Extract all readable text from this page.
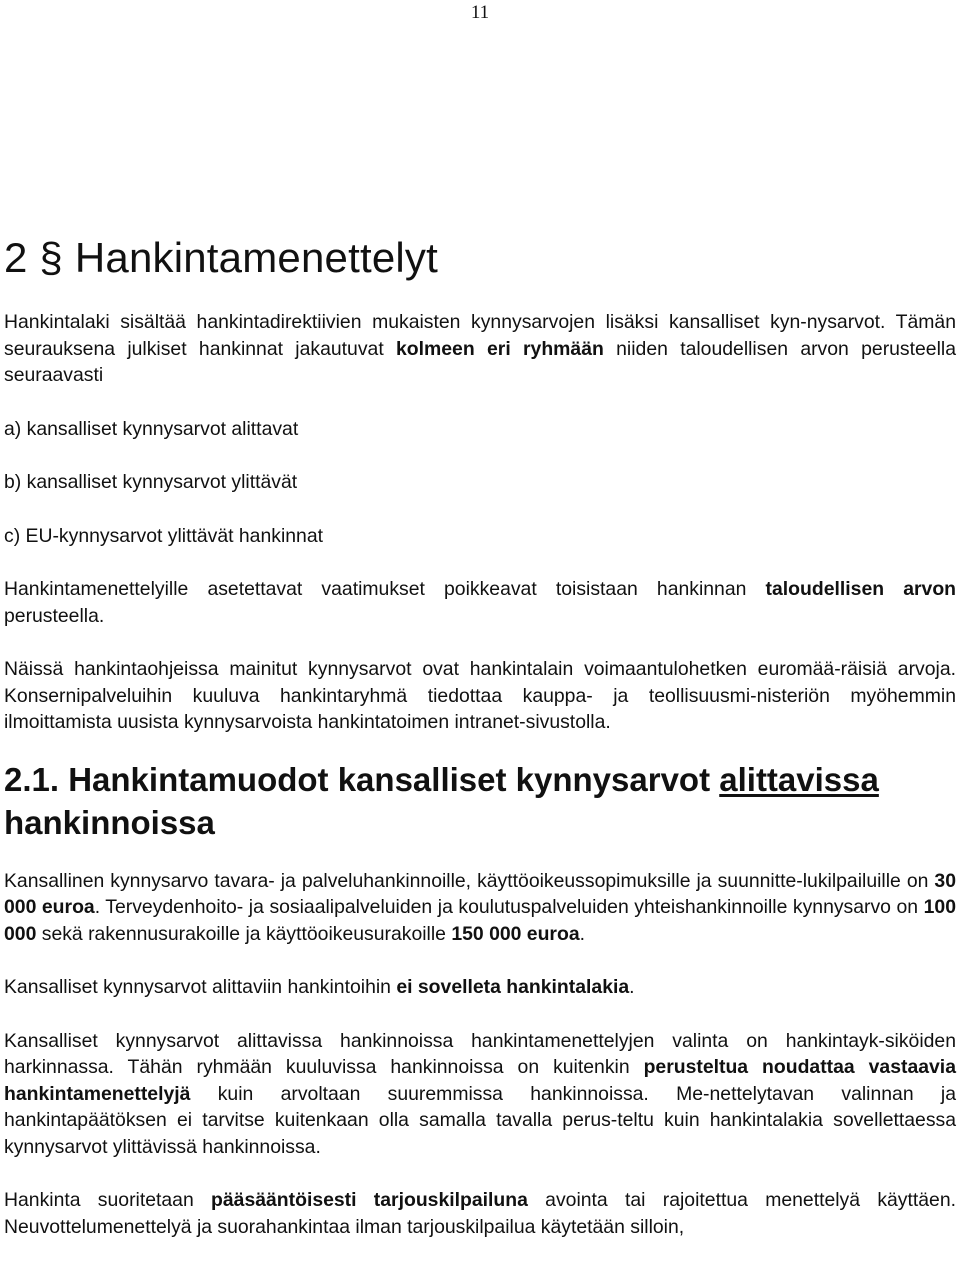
11
2 § Hankintamenettelyt

Hankintalaki sisältää hankintadirektiivien mukaisten kynnysarvojen lisäksi kansalliset kyn-nysarvot. Tämän seurauksena julkiset hankinnat jakautuvat kolmeen eri ryhmään niiden taloudellisen arvon perusteella seuraavasti

a) kansalliset kynnysarvot alittavat

b) kansalliset kynnysarvot ylittävät

c) EU-kynnysarvot ylittävät hankinnat

Hankintamenettelyille asetettavat vaatimukset poikkeavat toisistaan hankinnan taloudellisen arvon perusteella.

Näissä hankintaohjeissa mainitut kynnysarvot ovat hankintalain voimaantulohetken euromää-räisiä arvoja. Konsernipalveluihin kuuluva hankintaryhmä tiedottaa kauppa- ja teollisuusmi-nisteriön myöhemmin ilmoittamista uusista kynnysarvoista hankintatoimen intranet-sivustolla.

2.1. Hankintamuodot kansalliset kynnysarvot alittavissa hankinnoissa

Kansallinen kynnysarvo tavara- ja palveluhankinnoille, käyttöoikeussopimuksille ja suunnitte-lukilpailuille on 30 000 euroa. Terveydenhoito- ja sosiaalipalveluiden ja koulutuspalveluiden yhteishankinnoille kynnysarvo on 100 000 sekä rakennusurakoille ja käyttöoikeusurakoille 150 000 euroa.

Kansalliset kynnysarvot alittaviin hankintoihin ei sovelleta hankintalakia.

Kansalliset kynnysarvot alittavissa hankinnoissa hankintamenettelyjen valinta on hankintayk-siköiden harkinnassa. Tähän ryhmään kuuluvissa hankinnoissa on kuitenkin perusteltua noudattaa vastaavia hankintamenettelyjä kuin arvoltaan suuremmissa hankinnoissa. Me-nettelytavan valinnan ja hankintapäätöksen ei tarvitse kuitenkaan olla samalla tavalla perus-teltu kuin hankintalakia sovellettaessa kynnysarvot ylittävissä hankinnoissa.

Hankinta suoritetaan pääsääntöisesti tarjouskilpailuna avointa tai rajoitettua menettelyä käyttäen. Neuvottelumenettelyä ja suorahankintaa ilman tarjouskilpailua käytetään silloin,
